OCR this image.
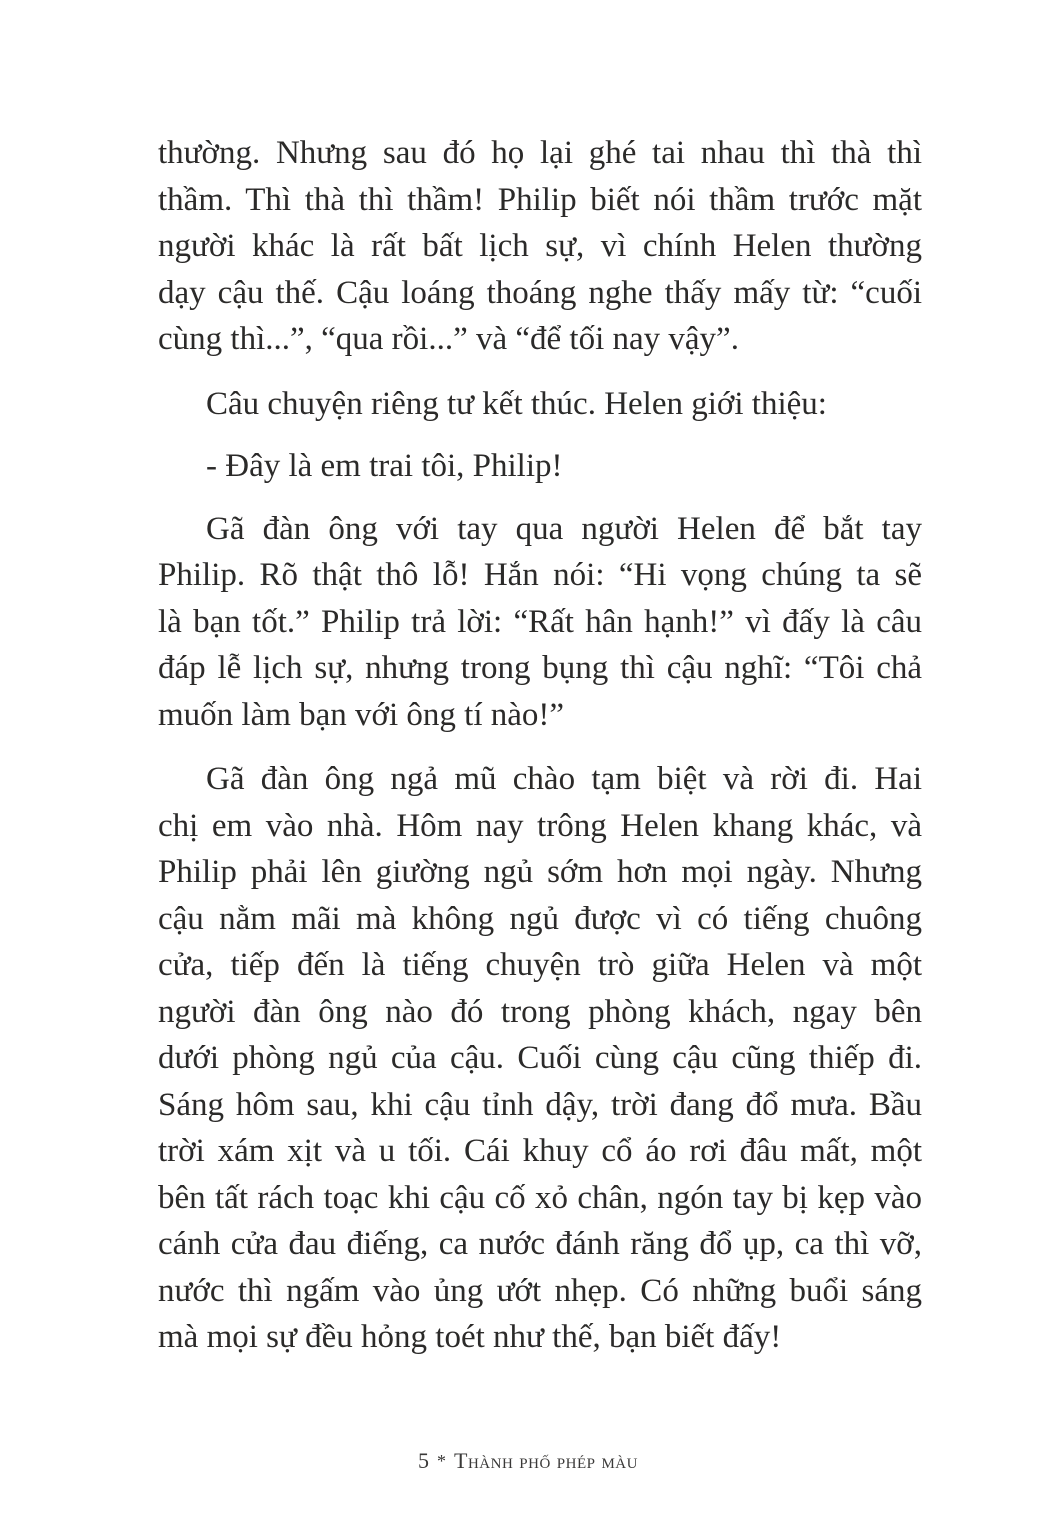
thường. Nhưng sau đó họ lại ghé tai nhau thì thà thì
thầm. Thì thà thì thầm! Philip biết nói thầm trước mặt
người khác là rất bất lịch sự, vì chính Helen thường
dạy cậu thế. Cậu loáng thoáng nghe thấy mấy từ: “cuối
cùng thì...”, “qua rồi...” và “để tối nay vậy”.
Câu chuyện riêng tư kết thúc. Helen giới thiệu:
- Đây là em trai tôi, Philip!
Gã đàn ông với tay qua người Helen để bắt tay
Philip. Rõ thật thô lỗ! Hắn nói: “Hi vọng chúng ta sẽ
là bạn tốt.” Philip trả lời: “Rất hân hạnh!” vì đấy là câu
đáp lễ lịch sự, nhưng trong bụng thì cậu nghĩ: “Tôi chả
muốn làm bạn với ông tí nào!”
Gã đàn ông ngả mũ chào tạm biệt và rời đi. Hai
chị em vào nhà. Hôm nay trông Helen khang khác, và
Philip phải lên giường ngủ sớm hơn mọi ngày. Nhưng
cậu nằm mãi mà không ngủ được vì có tiếng chuông
cửa, tiếp đến là tiếng chuyện trò giữa Helen và một
người đàn ông nào đó trong phòng khách, ngay bên
dưới phòng ngủ của cậu. Cuối cùng cậu cũng thiếp đi.
Sáng hôm sau, khi cậu tỉnh dậy, trời đang đổ mưa. Bầu
trời xám xịt và u tối. Cái khuy cổ áo rơi đâu mất, một
bên tất rách toạc khi cậu cố xỏ chân, ngón tay bị kẹp vào
cánh cửa đau điếng, ca nước đánh răng đổ ụp, ca thì vỡ,
nước thì ngấm vào ủng ướt nhẹp. Có những buổi sáng
mà mọi sự đều hỏng toét như thế, bạn biết đấy!
5 * Thành phố phép màu
